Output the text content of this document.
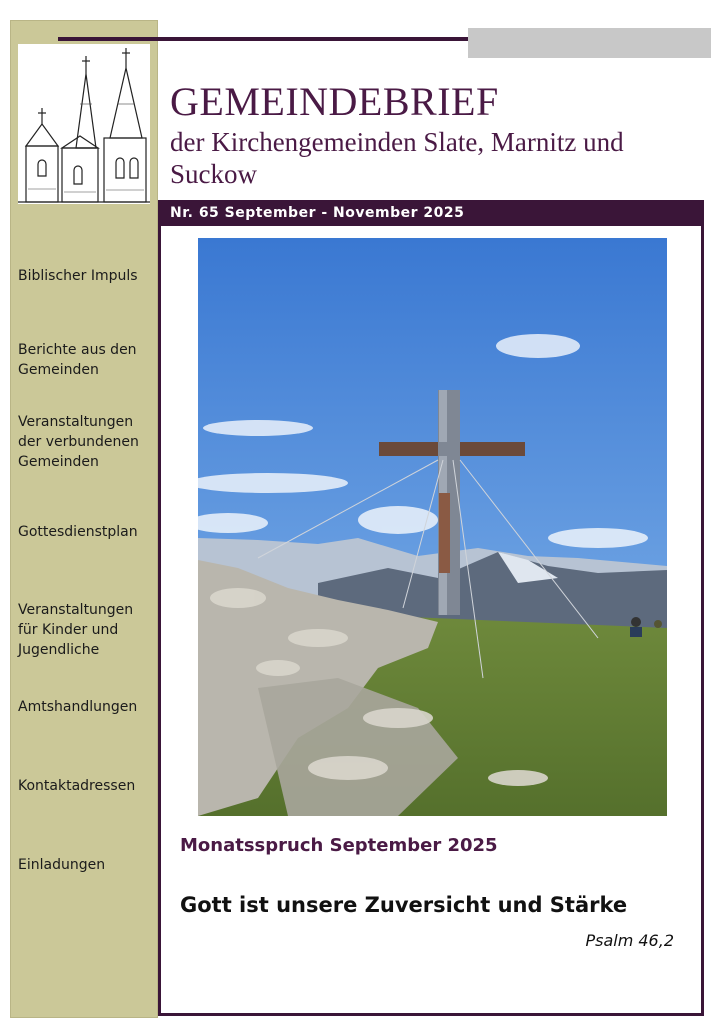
Biblischer Impuls
Berichte aus den Gemeinden
Veranstaltungen der verbundenen Gemeinden
Gottesdienstplan
Veranstaltungen für Kinder und Jugendliche
Amtshandlungen
Kontaktadressen
Einladungen
GEMEINDEBRIEF
der Kirchengemeinden Slate, Marnitz und Suckow
Nr. 65 September - November 2025
Monatsspruch September 2025
Gott ist unsere Zuversicht und Stärke
Psalm 46,2
